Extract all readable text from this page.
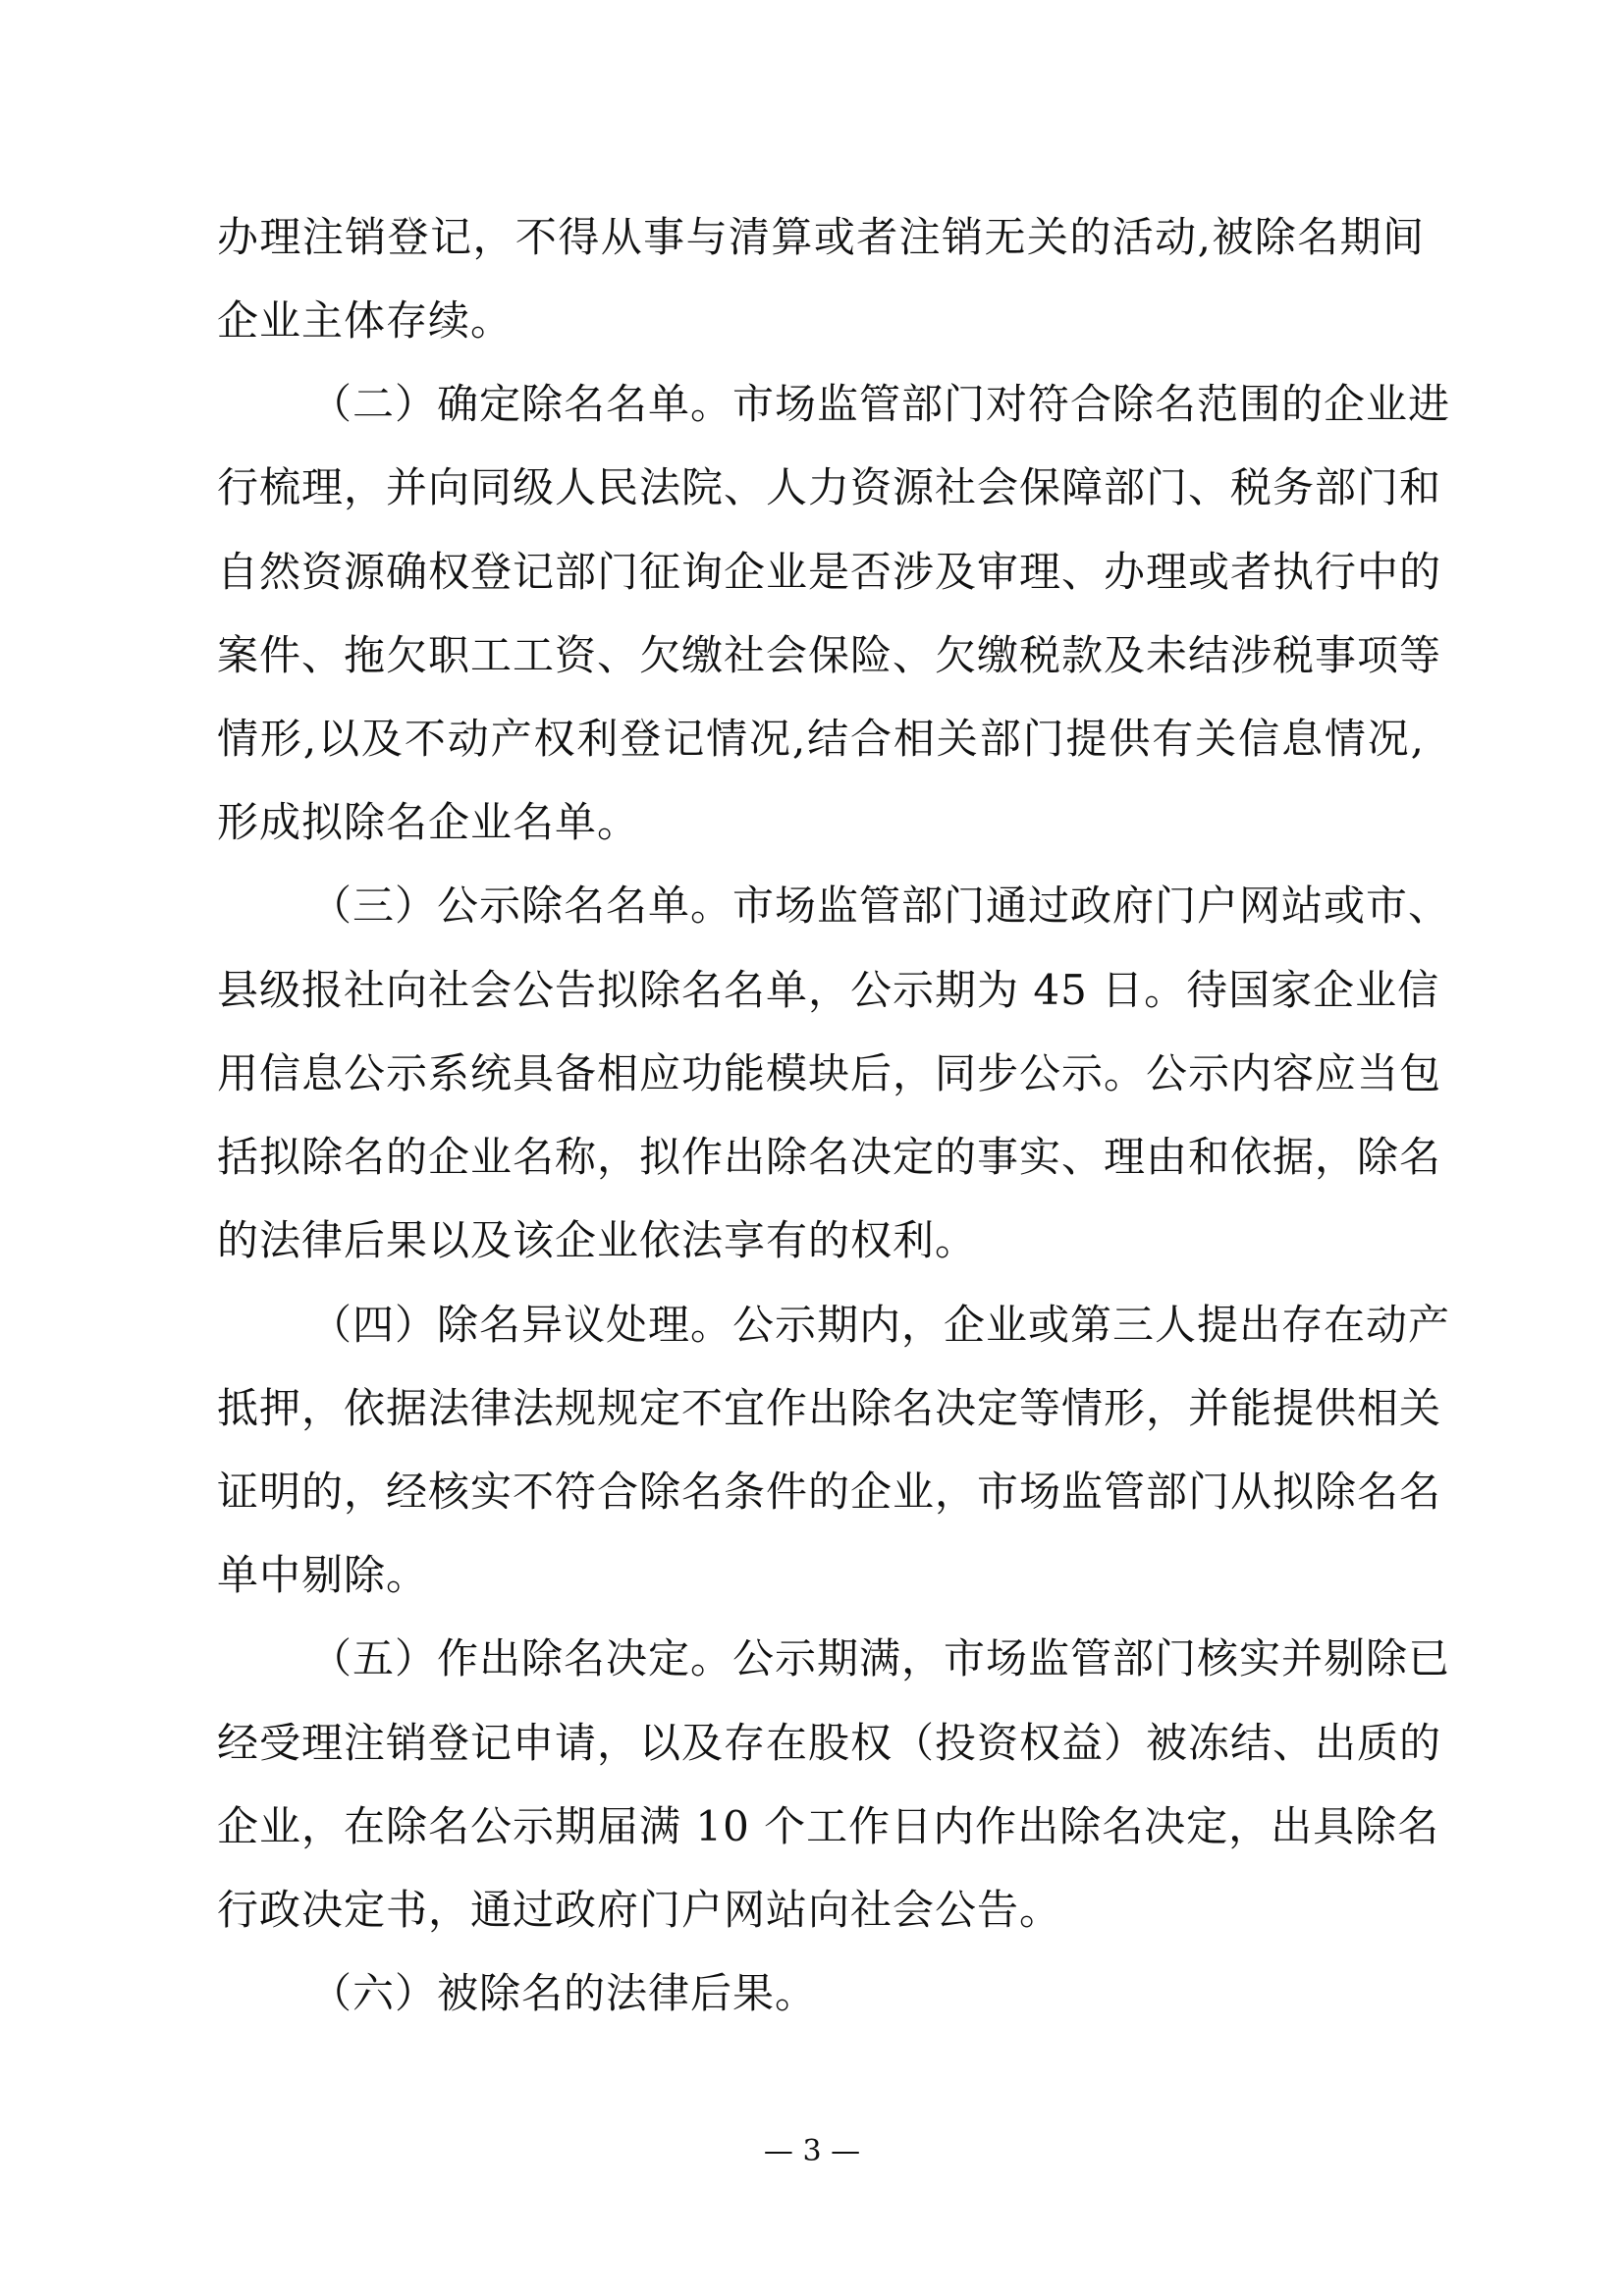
办理注销登记，不得从事与清算或者注销无关的活动,被除名期间
企业主体存续。
（二）确定除名名单。市场监管部门对符合除名范围的企业进
行梳理，并向同级人民法院、人力资源社会保障部门、税务部门和
自然资源确权登记部门征询企业是否涉及审理、办理或者执行中的
案件、拖欠职工工资、欠缴社会保险、欠缴税款及未结涉税事项等
情形,以及不动产权利登记情况,结合相关部门提供有关信息情况,
形成拟除名企业名单。
（三）公示除名名单。市场监管部门通过政府门户网站或市、
县级报社向社会公告拟除名名单，公示期为 45 日。待国家企业信
用信息公示系统具备相应功能模块后，同步公示。公示内容应当包
括拟除名的企业名称，拟作出除名决定的事实、理由和依据，除名
的法律后果以及该企业依法享有的权利。
（四）除名异议处理。公示期内，企业或第三人提出存在动产
抵押，依据法律法规规定不宜作出除名决定等情形，并能提供相关
证明的，经核实不符合除名条件的企业，市场监管部门从拟除名名
单中剔除。
（五）作出除名决定。公示期满，市场监管部门核实并剔除已
经受理注销登记申请，以及存在股权（投资权益）被冻结、出质的
企业，在除名公示期届满 10 个工作日内作出除名决定，出具除名
行政决定书，通过政府门户网站向社会公告。
（六）被除名的法律后果。
— 3 —
